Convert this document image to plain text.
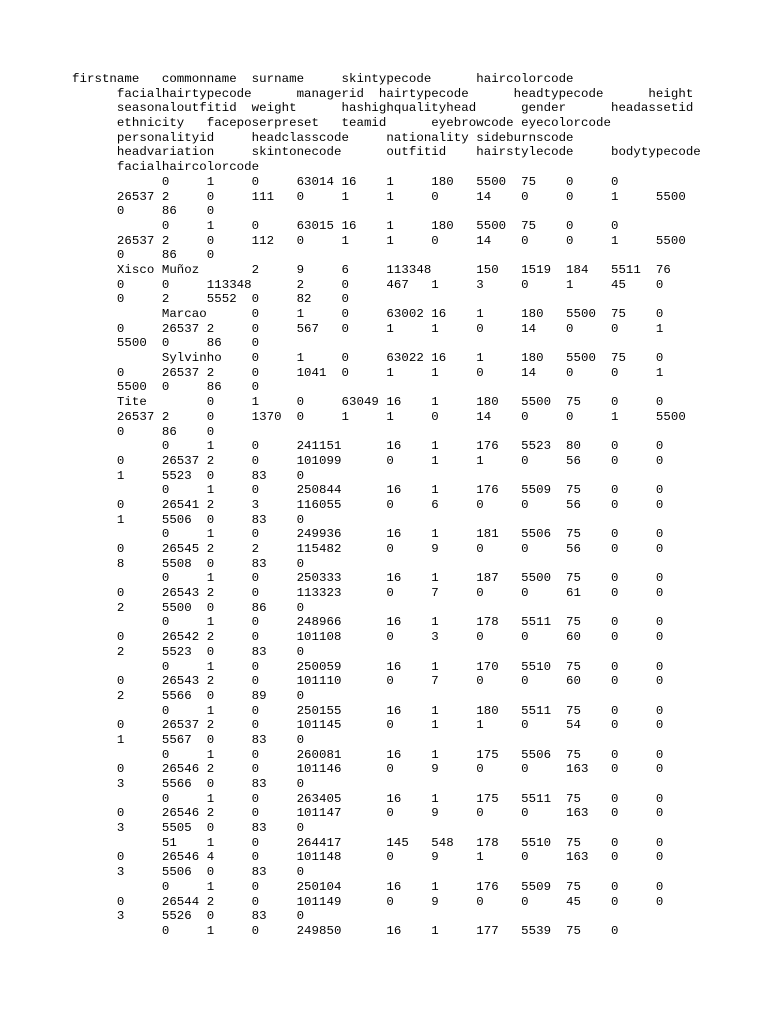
firstname   commonname  surname     skintypecode      haircolorcode
facialhairtypecode      managerid  hairtypecode      headtypecode      height
seasonaloutfitid  weight      hashighqualityhead      gender      headassetid
ethnicity   faceposerpreset   teamid      eyebrowcode eyecolorcode
personalityid     headclasscode     nationality sideburnscode
headvariation     skintonecode      outfitid    hairstylecode     bodytypecode
facialhaircolorcode
0     1     0     63014 16    1     180   5500  75    0     0
26537 2     0     111   0     1     1     0     14    0     0     1     5500
0     86    0
0     1     0     63015 16    1     180   5500  75    0     0
26537 2     0     112   0     1     1     0     14    0     0     1     5500
0     86    0
Xisco Muñoz       2     9     6     113348      150   1519  184   5511  76
0     0     113348      2     0     467   1     3     0     1     45    0
0     2     5552  0     82    0
Marcao      0     1     0     63002 16    1     180   5500  75    0
0     26537 2     0     567   0     1     1     0     14    0     0     1
5500  0     86    0
Sylvinho    0     1     0     63022 16    1     180   5500  75    0
0     26537 2     0     1041  0     1     1     0     14    0     0     1
5500  0     86    0
Tite        0     1     0     63049 16    1     180   5500  75    0     0
26537 2     0     1370  0     1     1     0     14    0     0     1     5500
0     86    0
0     1     0     241151      16    1     176   5523  80    0     0
0     26537 2     0     101099      0     1     1     0     56    0     0
1     5523  0     83    0
0     1     0     250844      16    1     176   5509  75    0     0
0     26541 2     3     116055      0     6     0     0     56    0     0
1     5506  0     83    0
0     1     0     249936      16    1     181   5506  75    0     0
0     26545 2     2     115482      0     9     0     0     56    0     0
8     5508  0     83    0
0     1     0     250333      16    1     187   5500  75    0     0
0     26543 2     0     113323      0     7     0     0     61    0     0
2     5500  0     86    0
0     1     0     248966      16    1     178   5511  75    0     0
0     26542 2     0     101108      0     3     0     0     60    0     0
2     5523  0     83    0
0     1     0     250059      16    1     170   5510  75    0     0
0     26543 2     0     101110      0     7     0     0     60    0     0
2     5566  0     89    0
0     1     0     250155      16    1     180   5511  75    0     0
0     26537 2     0     101145      0     1     1     0     54    0     0
1     5567  0     83    0
0     1     0     260081      16    1     175   5506  75    0     0
0     26546 2     0     101146      0     9     0     0     163   0     0
3     5566  0     83    0
0     1     0     263405      16    1     175   5511  75    0     0
0     26546 2     0     101147      0     9     0     0     163   0     0
3     5505  0     83    0
51    1     0     264417      145   548   178   5510  75    0     0
0     26546 4     0     101148      0     9     1     0     163   0     0
3     5506  0     83    0
0     1     0     250104      16    1     176   5509  75    0     0
0     26544 2     0     101149      0     9     0     0     45    0     0
3     5526  0     83    0
0     1     0     249850      16    1     177   5539  75    0
